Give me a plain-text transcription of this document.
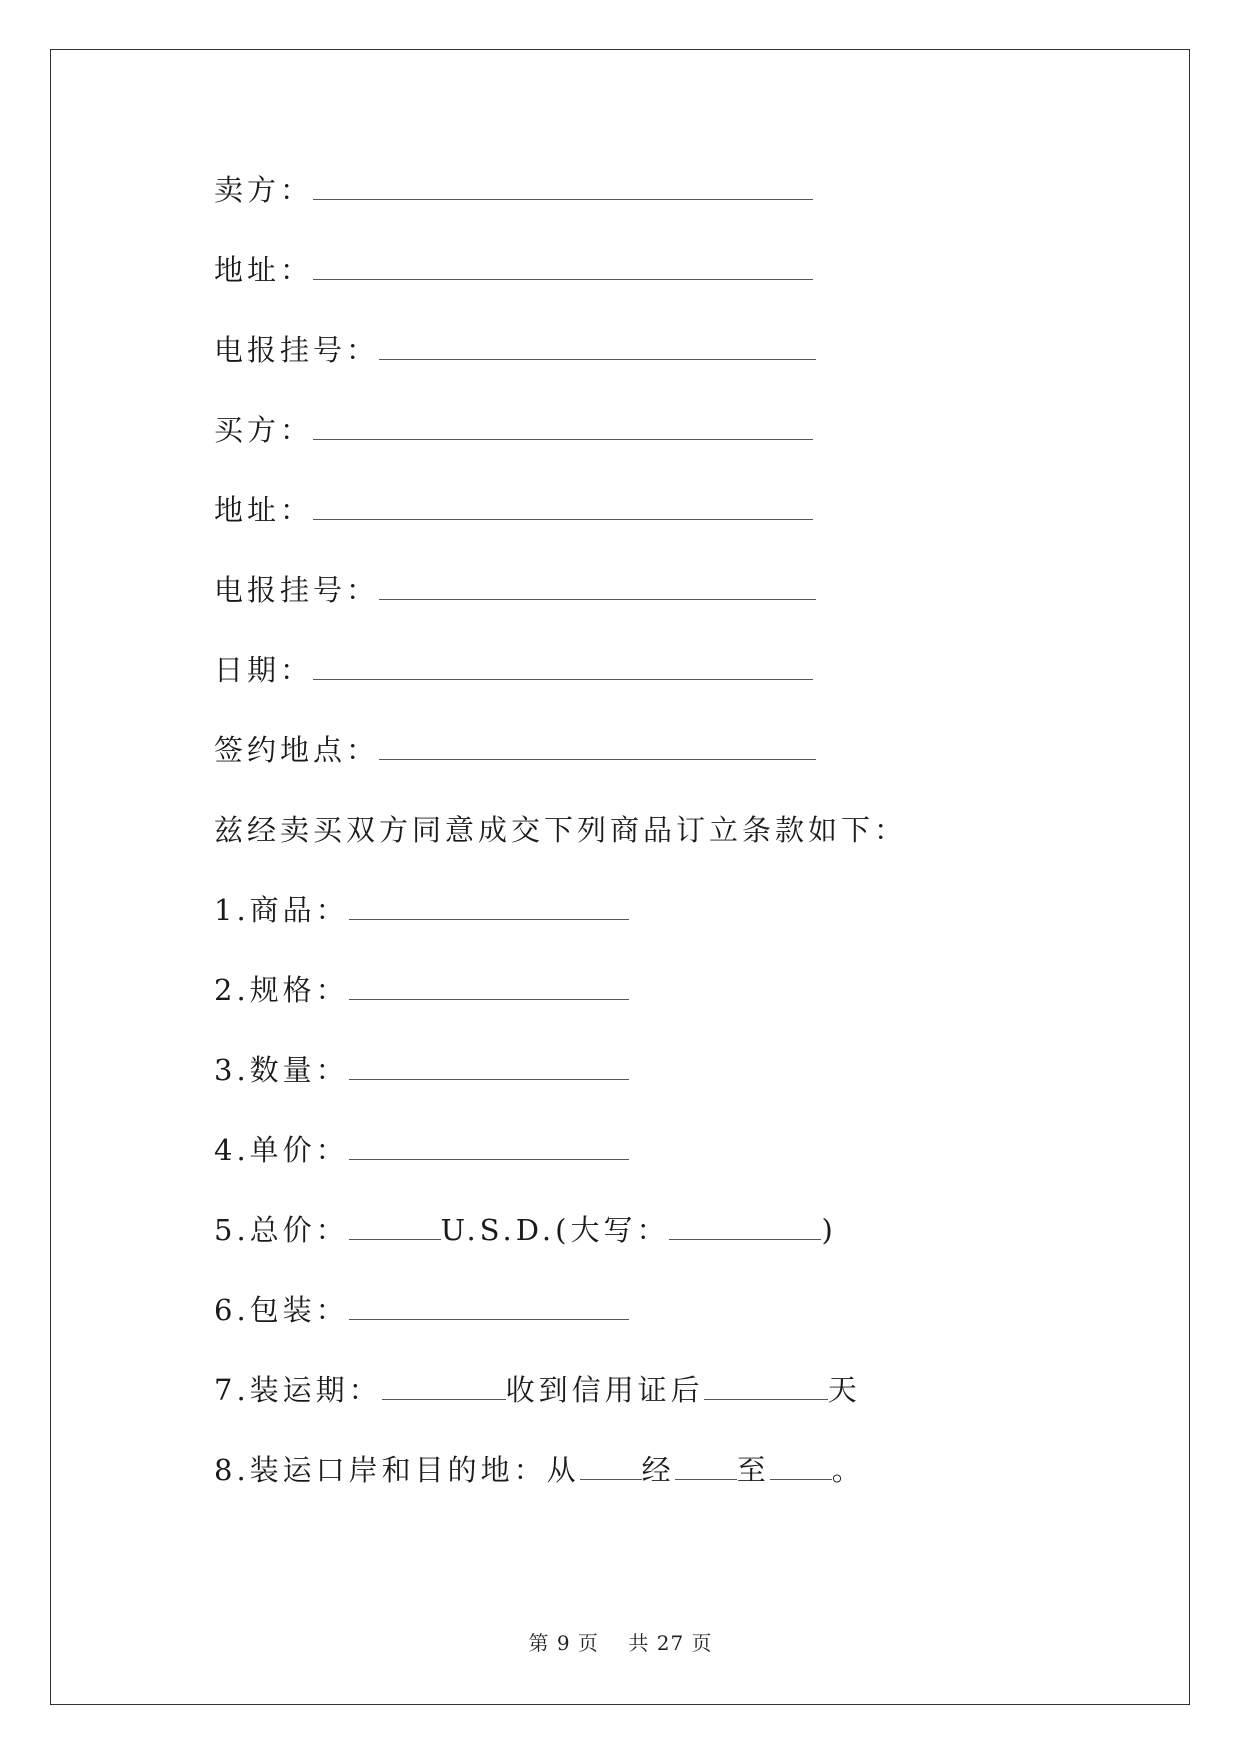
卖方：
地址：
电报挂号：
买方：
地址：
电报挂号：
日期：
签约地点：
兹经卖买双方同意成交下列商品订立条款如下：
1.商品：
2.规格：
3.数量：
4.单价：
5.总价：	U.S.D.(大写：	)
6.包装：
7.装运期：	收到信用证后	天
8.装运口岸和目的地：从 经 至 。
第 9 页 共 27 页
